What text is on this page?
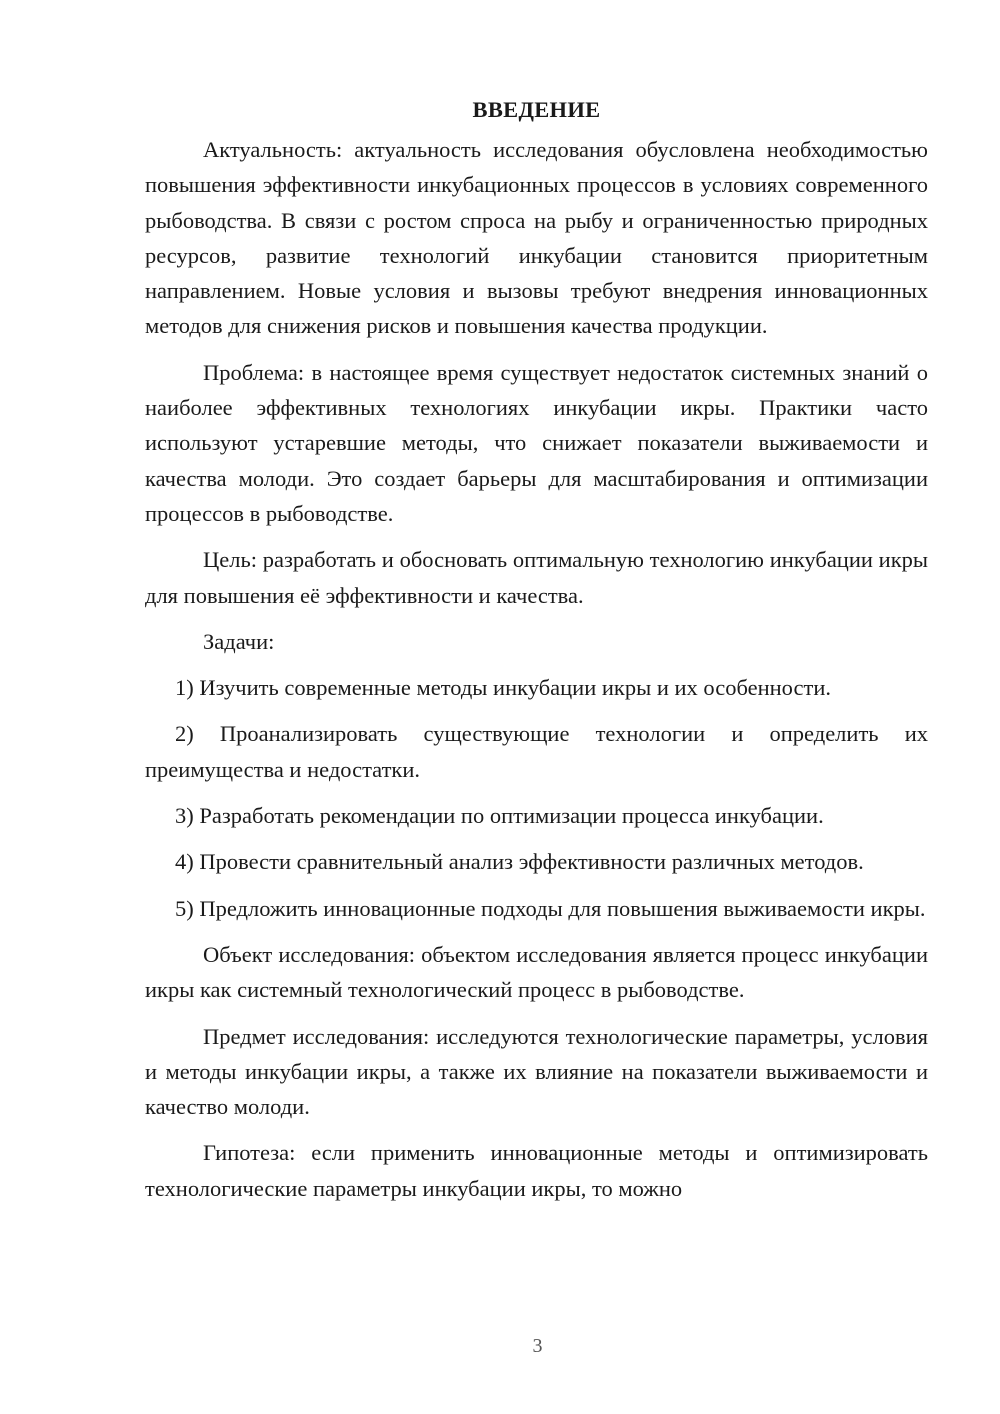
ВВЕДЕНИЕ

Актуальность: актуальность исследования обусловлена необходимостью повышения эффективности инкубационных процессов в условиях современного рыбоводства. В связи с ростом спроса на рыбу и ограниченностью природных ресурсов, развитие технологий инкубации становится приоритетным направлением. Новые условия и вызовы требуют внедрения инновационных методов для снижения рисков и повышения качества продукции.

Проблема: в настоящее время существует недостаток системных знаний о наиболее эффективных технологиях инкубации икры. Практики часто используют устаревшие методы, что снижает показатели выживаемости и качества молоди. Это создает барьеры для масштабирования и оптимизации процессов в рыбоводстве.

Цель: разработать и обосновать оптимальную технологию инкубации икры для повышения её эффективности и качества.

Задачи:

1) Изучить современные методы инкубации икры и их особенности.

2) Проанализировать существующие технологии и определить их преимущества и недостатки.

3) Разработать рекомендации по оптимизации процесса инкубации.

4) Провести сравнительный анализ эффективности различных методов.

5) Предложить инновационные подходы для повышения выживаемости икры.

Объект исследования: объектом исследования является процесс инкубации икры как системный технологический процесс в рыбоводстве.

Предмет исследования: исследуются технологические параметры, условия и методы инкубации икры, а также их влияние на показатели выживаемости и качество молоди.

Гипотеза: если применить инновационные методы и оптимизировать технологические параметры инкубации икры, то можно

3
